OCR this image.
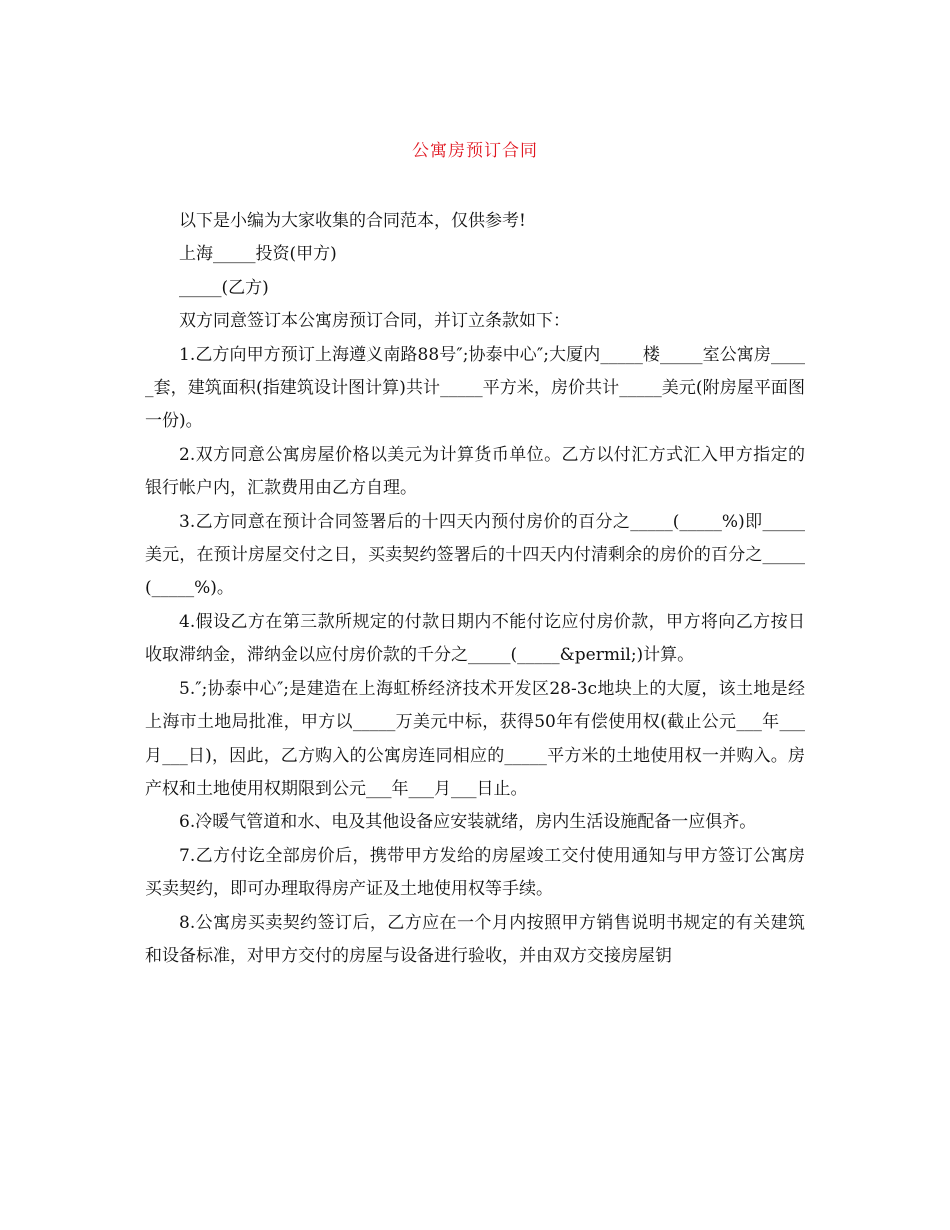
公寓房预订合同

以下是小编为大家收集的合同范本，仅供参考!

上海_____投资(甲方)

_____(乙方)

双方同意签订本公寓房预订合同，并订立条款如下：

1.乙方向甲方预订上海遵义南路88号″;协泰中心″;大厦内_____楼_____室公寓房_____套，建筑面积(指建筑设计图计算)共计_____平方米，房价共计_____美元(附房屋平面图一份)。

2.双方同意公寓房屋价格以美元为计算货币单位。乙方以付汇方式汇入甲方指定的银行帐户内，汇款费用由乙方自理。

3.乙方同意在预计合同签署后的十四天内预付房价的百分之_____(_____%)即_____美元，在预计房屋交付之日，买卖契约签署后的十四天内付清剩余的房价的百分之_____(_____%)。

4.假设乙方在第三款所规定的付款日期内不能付讫应付房价款，甲方将向乙方按日收取滞纳金，滞纳金以应付房价款的千分之_____(_____&permil;)计算。

5.″;协泰中心″;是建造在上海虹桥经济技术开发区28-3c地块上的大厦，该土地是经上海市土地局批准，甲方以_____万美元中标，获得50年有偿使用权(截止公元___年___月___日)，因此，乙方购入的公寓房连同相应的_____平方米的土地使用权一并购入。房产权和土地使用权期限到公元___年___月___日止。

6.冷暖气管道和水、电及其他设备应安装就绪，房内生活设施配备一应俱齐。

7.乙方付讫全部房价后，携带甲方发给的房屋竣工交付使用通知与甲方签订公寓房买卖契约，即可办理取得房产证及土地使用权等手续。

8.公寓房买卖契约签订后，乙方应在一个月内按照甲方销售说明书规定的有关建筑和设备标准，对甲方交付的房屋与设备进行验收，并由双方交接房屋钥
